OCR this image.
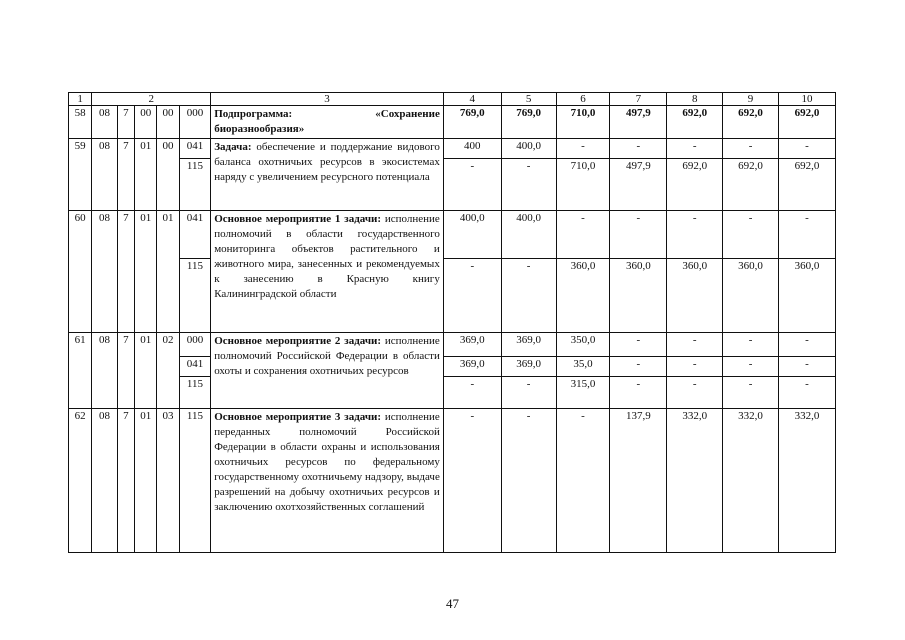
1	2					3	4	5	6	7	8	9	10
58	08	7	00	00	000	Подпрограмма: «Сохранение биоразнообразия»	769,0	769,0	710,0	497,9	692,0	692,0	692,0
59	08	7	01	00	041	Задача: обеспечение и поддержание видового баланса охотничьих ресурсов в экосистемах наряду с увеличением ресурсного потенциала	400	400,0	-	-	-	-	-
					115		-	-	710,0	497,9	692,0	692,0	692,0
60	08	7	01	01	041	Основное мероприятие 1 задачи: исполнение полномочий в области государственного мониторинга объектов растительного и животного мира, занесенных и рекомендуемых к занесению в Красную книгу Калининградской области	400,0	400,0	-	-	-	-	-
					115		-	-	360,0	360,0	360,0	360,0	360,0
61	08	7	01	02	000	Основное мероприятие 2 задачи: исполнение полномочий Российской Федерации в области охоты и сохранения охотничьих ресурсов	369,0	369,0	350,0	-	-	-	-
					041		369,0	369,0	35,0	-	-	-	-
					115		-	-	315,0	-	-	-	-
62	08	7	01	03	115	Основное мероприятие 3 задачи: исполнение переданных полномочий Российской Федерации в области охраны и использования охотничьих ресурсов по федеральному государственному охотничьему надзору, выдаче разрешений на добычу охотничьих ресурсов и заключению охотхозяйственных соглашений	-	-	-	137,9	332,0	332,0	332,0
47
